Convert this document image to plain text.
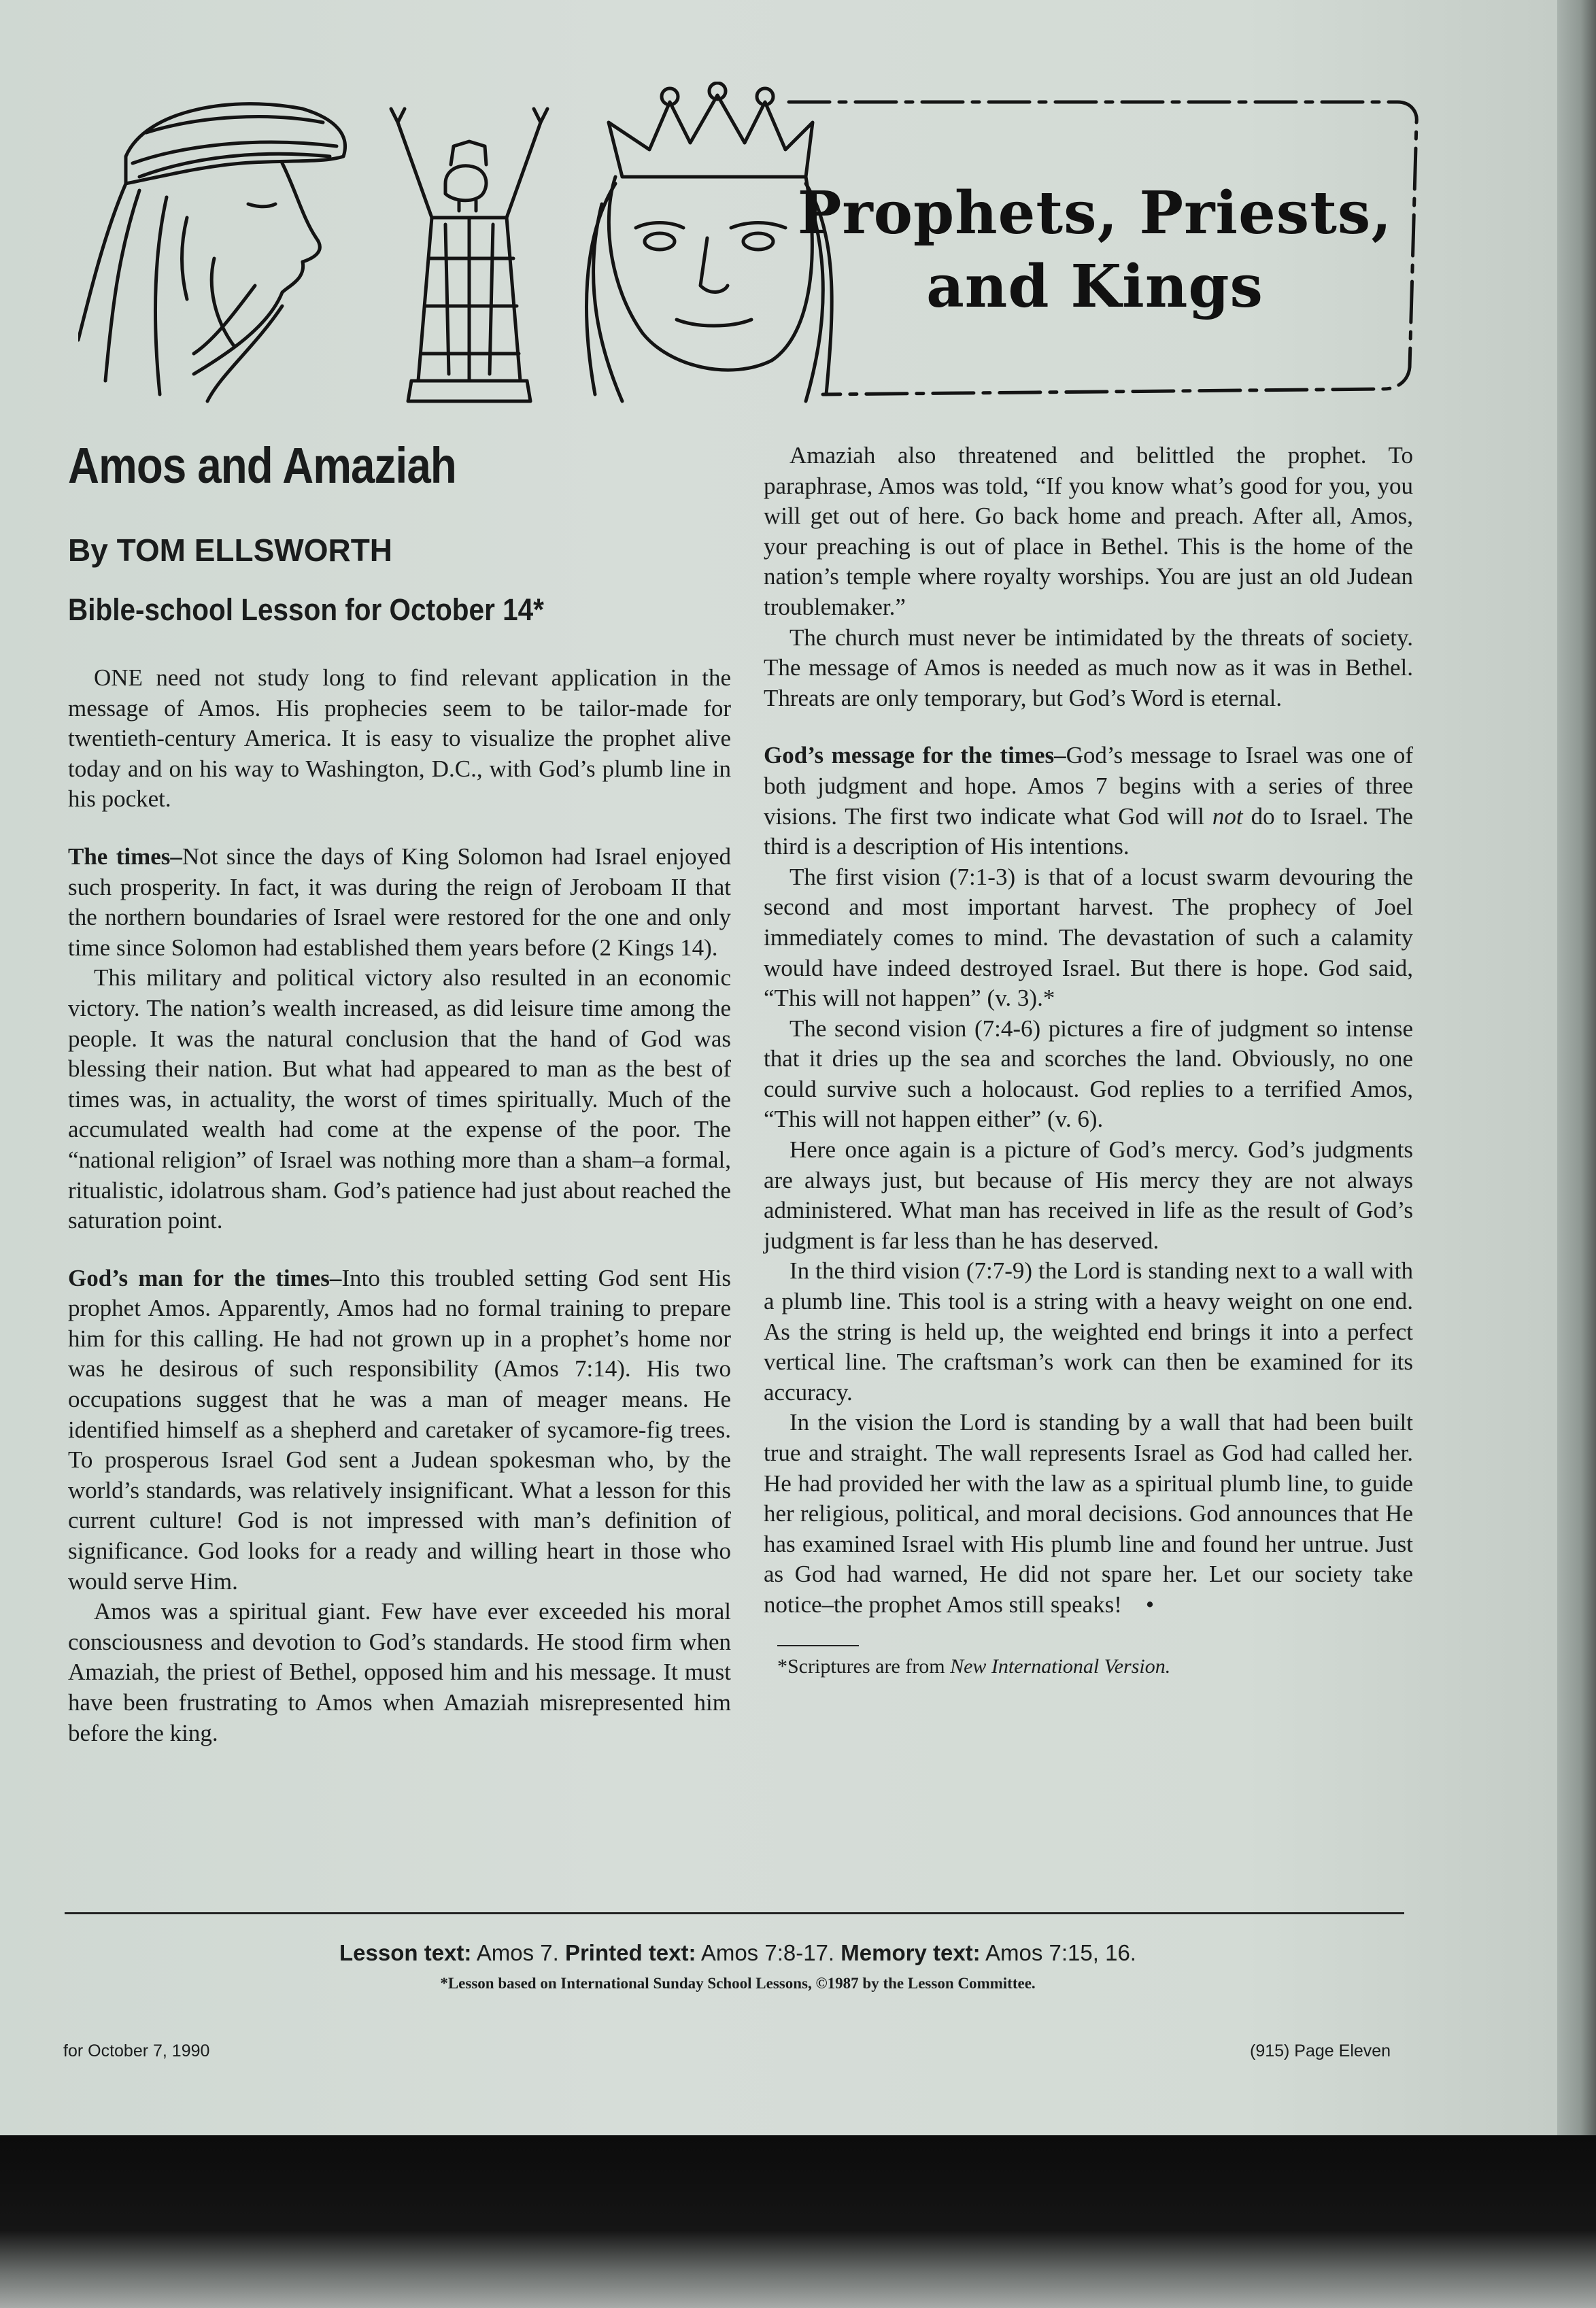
Prophets, Priests,
and Kings
Amos and Amaziah
By TOM ELLSWORTH
Bible-school Lesson for October 14*

ONE need not study long to find relevant application in the message of Amos. His prophecies seem to be tailor-made for twentieth-century America. It is easy to visualize the prophet alive today and on his way to Washington, D.C., with God’s plumb line in his pocket.

The times–Not since the days of King Solomon had Israel enjoyed such prosperity. In fact, it was during the reign of Jeroboam II that the northern boundaries of Israel were restored for the one and only time since Solomon had established them years before (2 Kings 14).

This military and political victory also resulted in an economic victory. The nation’s wealth increased, as did leisure time among the people. It was the natural conclusion that the hand of God was blessing their nation. But what had appeared to man as the best of times was, in actuality, the worst of times spiritually. Much of the accumulated wealth had come at the expense of the poor. The “national religion” of Israel was nothing more than a sham–a formal, ritualistic, idolatrous sham. God’s patience had just about reached the saturation point.

God’s man for the times–Into this troubled setting God sent His prophet Amos. Apparently, Amos had no formal training to prepare him for this calling. He had not grown up in a prophet’s home nor was he desirous of such responsibility (Amos 7:14). His two occupations suggest that he was a man of meager means. He identified himself as a shepherd and caretaker of sycamore-fig trees. To prosperous Israel God sent a Judean spokesman who, by the world’s standards, was relatively insignificant. What a lesson for this current culture! God is not impressed with man’s definition of significance. God looks for a ready and willing heart in those who would serve Him.

Amos was a spiritual giant. Few have ever exceeded his moral consciousness and devotion to God’s standards. He stood firm when Amaziah, the priest of Bethel, opposed him and his message. It must have been frustrating to Amos when Amaziah misrepresented him before the king.

Amaziah also threatened and belittled the prophet. To paraphrase, Amos was told, “If you know what’s good for you, you will get out of here. Go back home and preach. After all, Amos, your preaching is out of place in Bethel. This is the home of the nation’s temple where royalty worships. You are just an old Judean troublemaker.”

The church must never be intimidated by the threats of society. The message of Amos is needed as much now as it was in Bethel. Threats are only temporary, but God’s Word is eternal.

God’s message for the times–God’s message to Israel was one of both judgment and hope. Amos 7 begins with a series of three visions. The first two indicate what God will not do to Israel. The third is a description of His intentions.

The first vision (7:1-3) is that of a locust swarm devouring the second and most important harvest. The prophecy of Joel immediately comes to mind. The devastation of such a calamity would have indeed destroyed Israel. But there is hope. God said, “This will not happen” (v. 3).*

The second vision (7:4-6) pictures a fire of judgment so intense that it dries up the sea and scorches the land. Obviously, no one could survive such a holocaust. God replies to a terrified Amos, “This will not happen either” (v. 6).

Here once again is a picture of God’s mercy. God’s judgments are always just, but because of His mercy they are not always administered. What man has received in life as the result of God’s judgment is far less than he has deserved.

In the third vision (7:7-9) the Lord is standing next to a wall with a plumb line. This tool is a string with a heavy weight on one end. As the string is held up, the weighted end brings it into a perfect vertical line. The craftsman’s work can then be examined for its accuracy.

In the vision the Lord is standing by a wall that had been built true and straight. The wall represents Israel as God had called her. He had provided her with the law as a spiritual plumb line, to guide her religious, political, and moral decisions. God announces that He has examined Israel with His plumb line and found her untrue. Just as God had warned, He did not spare her. Let our society take notice–the prophet Amos still speaks! •

*Scriptures are from New International Version.

Lesson text: Amos 7. Printed text: Amos 7:8-17. Memory text: Amos 7:15, 16.
*Lesson based on International Sunday School Lessons, ©1987 by the Lesson Committee.
for October 7, 1990	(915) Page Eleven
